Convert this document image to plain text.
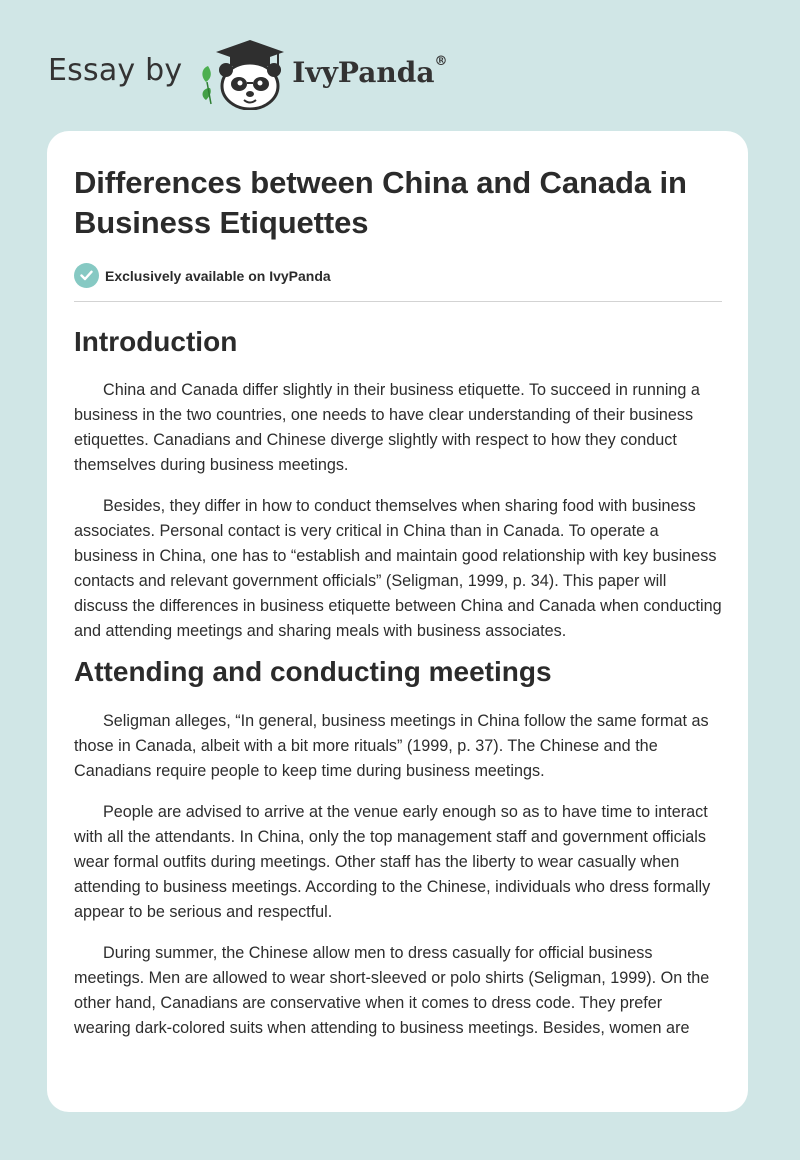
Essay by	IvyPanda®
Differences between China and Canada in Business Etiquettes
Exclusively available on IvyPanda
Introduction

China and Canada differ slightly in their business etiquette. To succeed in running a business in the two countries, one needs to have clear understanding of their business etiquettes. Canadians and Chinese diverge slightly with respect to how they conduct themselves during business meetings.

Besides, they differ in how to conduct themselves when sharing food with business associates. Personal contact is very critical in China than in Canada. To operate a business in China, one has to “establish and maintain good relationship with key business contacts and relevant government officials” (Seligman, 1999, p. 34). This paper will discuss the differences in business etiquette between China and Canada when conducting and attending meetings and sharing meals with business associates.

Attending and conducting meetings

Seligman alleges, “In general, business meetings in China follow the same format as those in Canada, albeit with a bit more rituals” (1999, p. 37). The Chinese and the Canadians require people to keep time during business meetings.

People are advised to arrive at the venue early enough so as to have time to interact with all the attendants. In China, only the top management staff and government officials wear formal outfits during meetings. Other staff has the liberty to wear casually when attending to business meetings. According to the Chinese, individuals who dress formally appear to be serious and respectful.

During summer, the Chinese allow men to dress casually for official business meetings. Men are allowed to wear short-sleeved or polo shirts (Seligman, 1999). On the other hand, Canadians are conservative when it comes to dress code. They prefer wearing dark-colored suits when attending to business meetings. Besides, women are
